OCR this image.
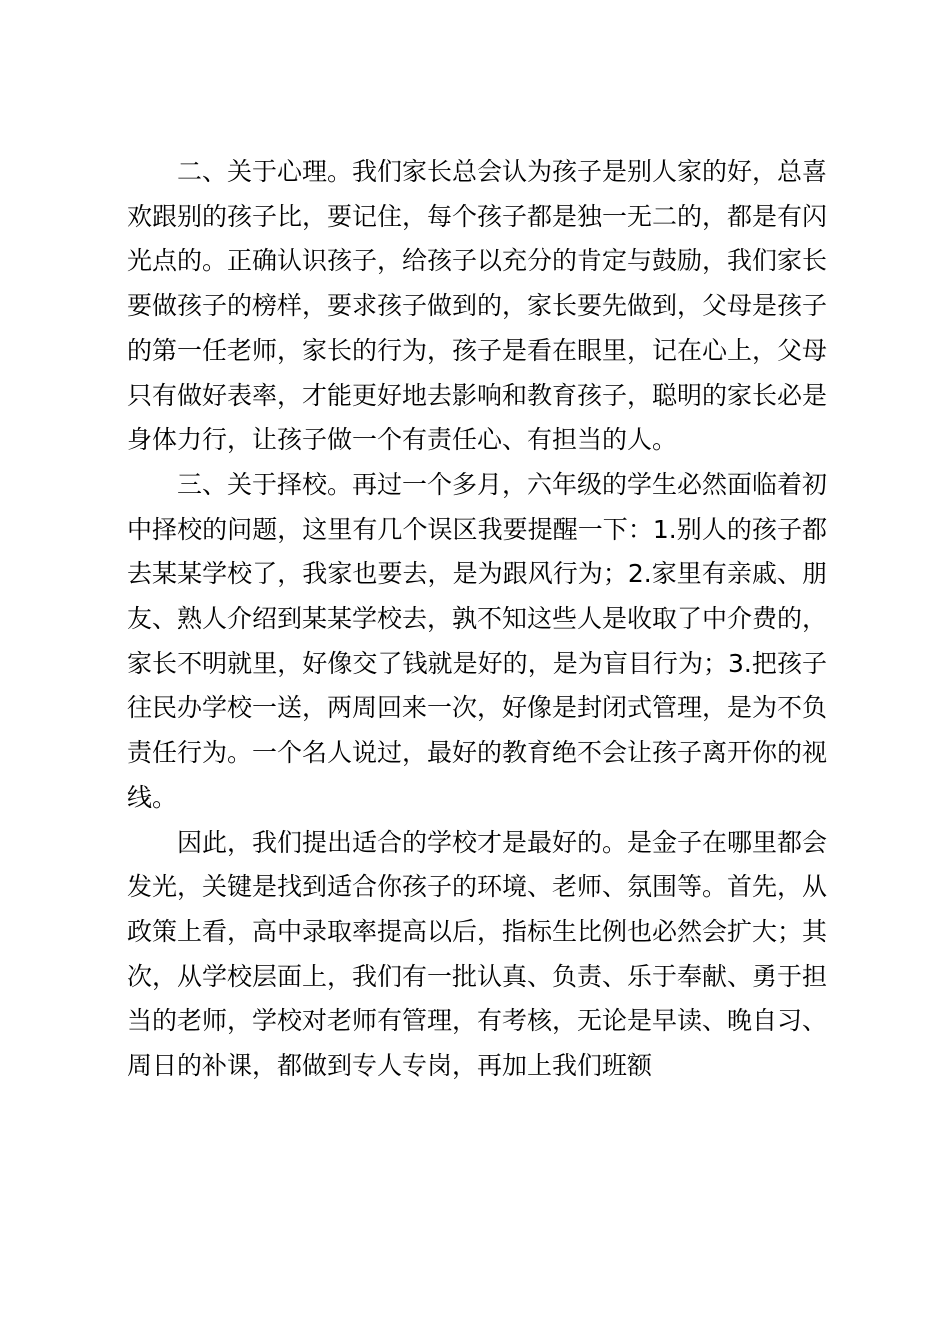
二、关于心理。我们家长总会认为孩子是别人家的好，总喜欢跟别的孩子比，要记住，每个孩子都是独一无二的，都是有闪光点的。正确认识孩子，给孩子以充分的肯定与鼓励，我们家长要做孩子的榜样，要求孩子做到的，家长要先做到，父母是孩子的第一任老师，家长的行为，孩子是看在眼里，记在心上，父母只有做好表率，才能更好地去影响和教育孩子，聪明的家长必是身体力行，让孩子做一个有责任心、有担当的人。

三、关于择校。再过一个多月，六年级的学生必然面临着初中择校的问题，这里有几个误区我要提醒一下：1.别人的孩子都去某某学校了，我家也要去，是为跟风行为；2.家里有亲戚、朋友、熟人介绍到某某学校去，孰不知这些人是收取了中介费的，家长不明就里，好像交了钱就是好的，是为盲目行为；3.把孩子往民办学校一送，两周回来一次，好像是封闭式管理，是为不负责任行为。一个名人说过，最好的教育绝不会让孩子离开你的视线。

因此，我们提出适合的学校才是最好的。是金子在哪里都会发光，关键是找到适合你孩子的环境、老师、氛围等。首先，从政策上看，高中录取率提高以后，指标生比例也必然会扩大；其次，从学校层面上，我们有一批认真、负责、乐于奉献、勇于担当的老师，学校对老师有管理，有考核，无论是早读、晚自习、周日的补课，都做到专人专岗，再加上我们班额
